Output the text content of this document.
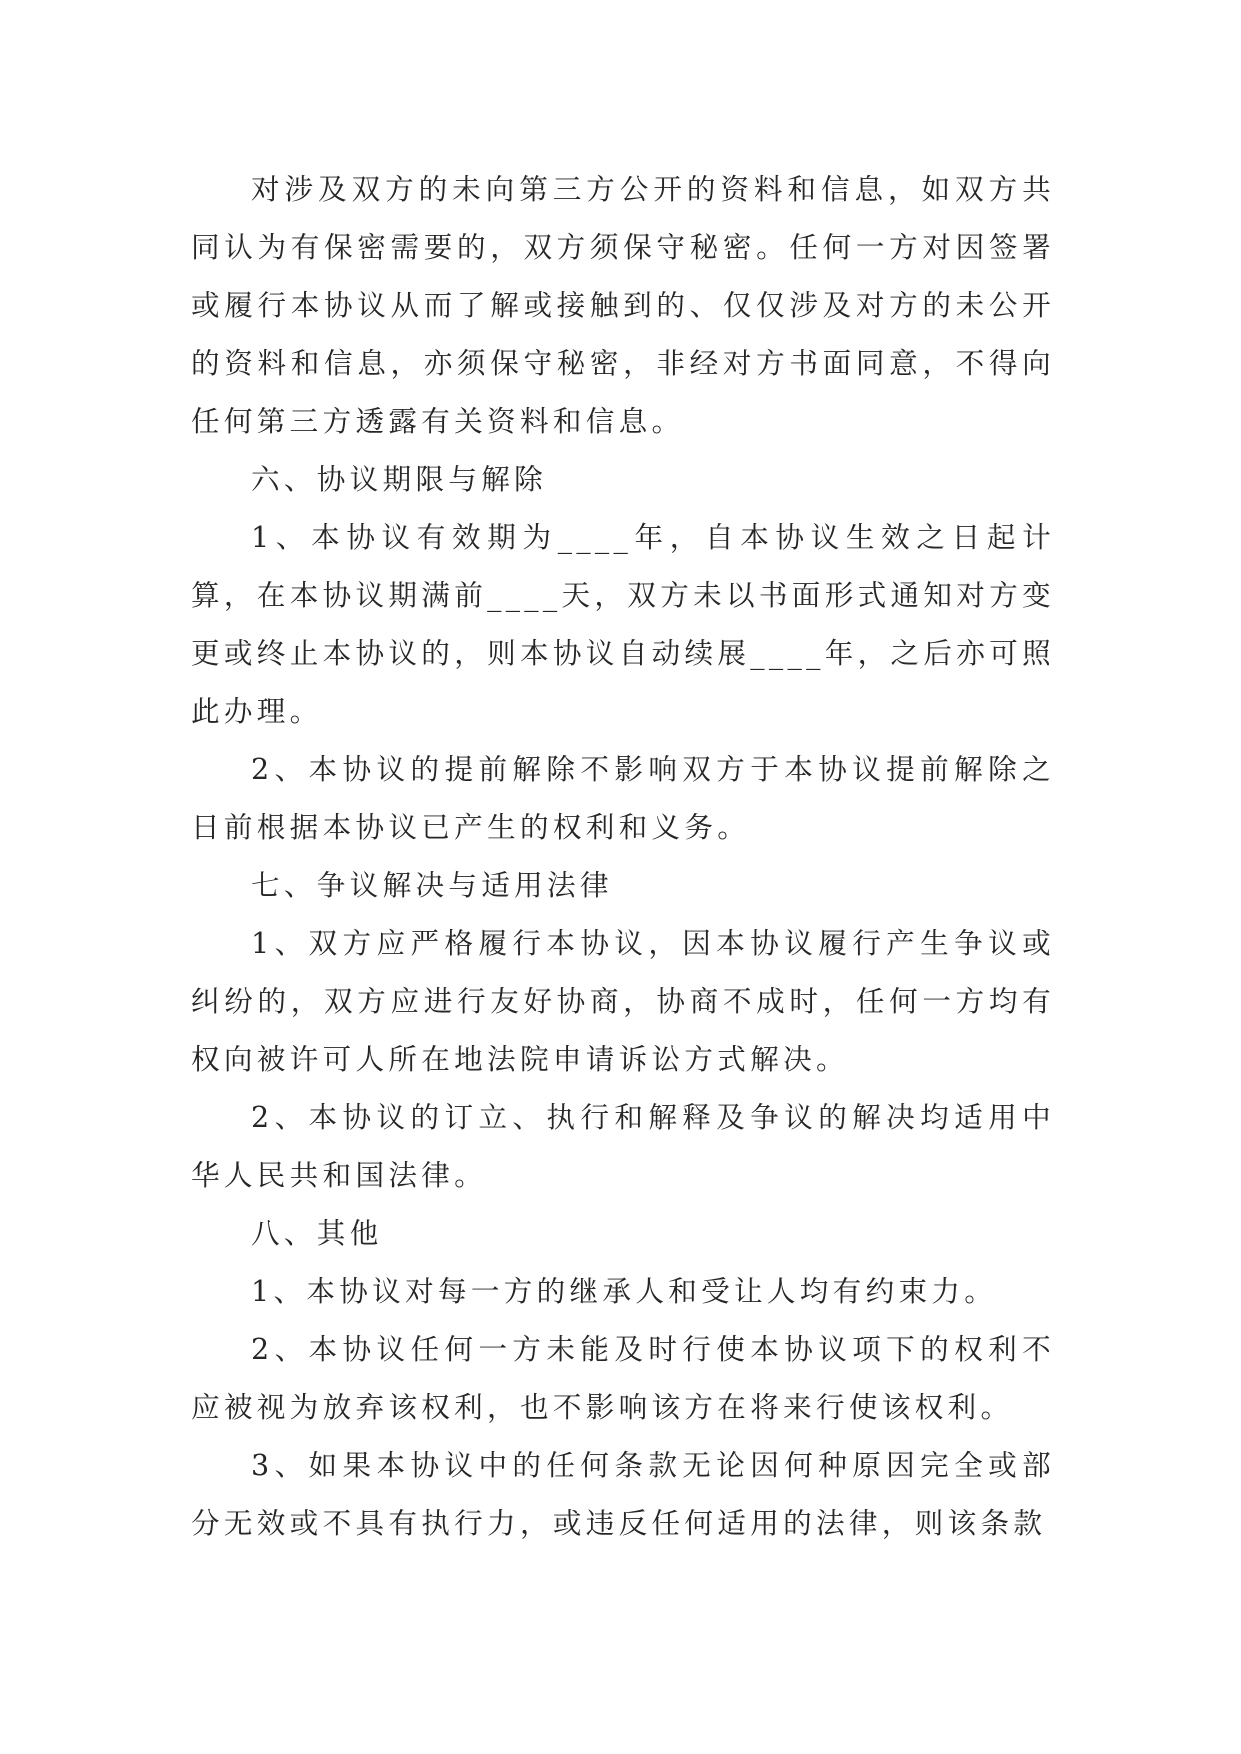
对涉及双方的未向第三方公开的资料和信息，如双方共同认为有保密需要的，双方须保守秘密。任何一方对因签署或履行本协议从而了解或接触到的、仅仅涉及对方的未公开的资料和信息，亦须保守秘密，非经对方书面同意，不得向任何第三方透露有关资料和信息。

六、协议期限与解除

1、本协议有效期为____年，自本协议生效之日起计算，在本协议期满前____天，双方未以书面形式通知对方变更或终止本协议的，则本协议自动续展____年，之后亦可照此办理。

2、本协议的提前解除不影响双方于本协议提前解除之日前根据本协议已产生的权利和义务。

七、争议解决与适用法律

1、双方应严格履行本协议，因本协议履行产生争议或纠纷的，双方应进行友好协商，协商不成时，任何一方均有权向被许可人所在地法院申请诉讼方式解决。

2、本协议的订立、执行和解释及争议的解决均适用中华人民共和国法律。

八、其他

1、本协议对每一方的继承人和受让人均有约束力。

2、本协议任何一方未能及时行使本协议项下的权利不应被视为放弃该权利，也不影响该方在将来行使该权利。

3、如果本协议中的任何条款无论因何种原因完全或部分无效或不具有执行力，或违反任何适用的法律，则该条款
